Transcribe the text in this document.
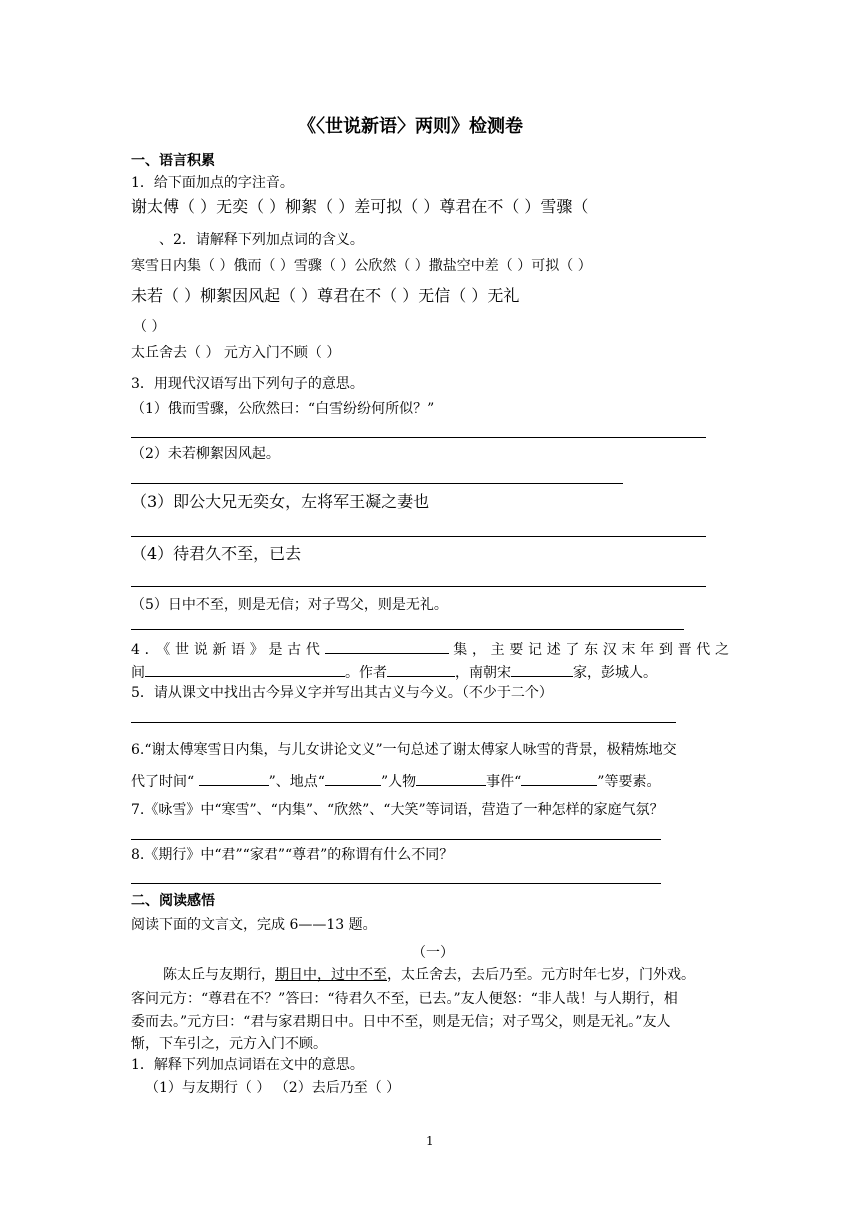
《〈世说新语〉两则》检测卷
一、语言积累
1．给下面加点的字注音。
谢太傅（ ）无奕（ ）柳絮（ ）差可拟（ ）尊君在不（ ）雪骤（
、2．请解释下列加点词的含义。
寒雪日内集（ ）俄而（ ）雪骤（ ）公欣然（ ）撒盐空中差（ ）可拟（ ）
未若（ ）柳絮因风起（ ）尊君在不（ ）无信（ ）无礼
（ ）
太丘舍去（ ） 元方入门不顾（ ）
3．用现代汉语写出下列句子的意思。
（1）俄而雪骤，公欣然曰：“白雪纷纷何所似？”
（2）未若柳絮因风起。
（3）即公大兄无奕女，左将军王凝之妻也
（4）待君久不至，已去
（5）日中不至，则是无信；对子骂父，则是无礼。
4．《世说新语》是古代	集，主要记述了东汉末年到晋代之
间	。作者	，南朝宋	家，彭城人。
5．请从课文中找出古今异义字并写出其古义与今义。（不少于二个）
6.“谢太傅寒雪日内集，与儿女讲论文义”一句总述了谢太傅家人咏雪的背景，极精炼地交
代了时间“	”、地点“	”人物	事件“	”等要素。
7.《咏雪》中“寒雪”、“内集”、“欣然”、“大笑”等词语，营造了一种怎样的家庭气氛？
8.《期行》中“君”“家君”“尊君”的称谓有什么不同？
二、阅读感悟
阅读下面的文言文，完成 6——13 题。
（一）
陈太丘与友期行，期日中，过中不至，太丘舍去，去后乃至。元方时年七岁，门外戏。
客问元方：“尊君在不？”答曰：“待君久不至，已去。”友人便怒：“非人哉！与人期行，相
委而去。”元方曰：“君与家君期日中。日中不至，则是无信；对子骂父，则是无礼。”友人
惭，下车引之，元方入门不顾。
1．解释下列加点词语在文中的意思。
（1）与友期行（ ） （2）去后乃至（ ）
1
